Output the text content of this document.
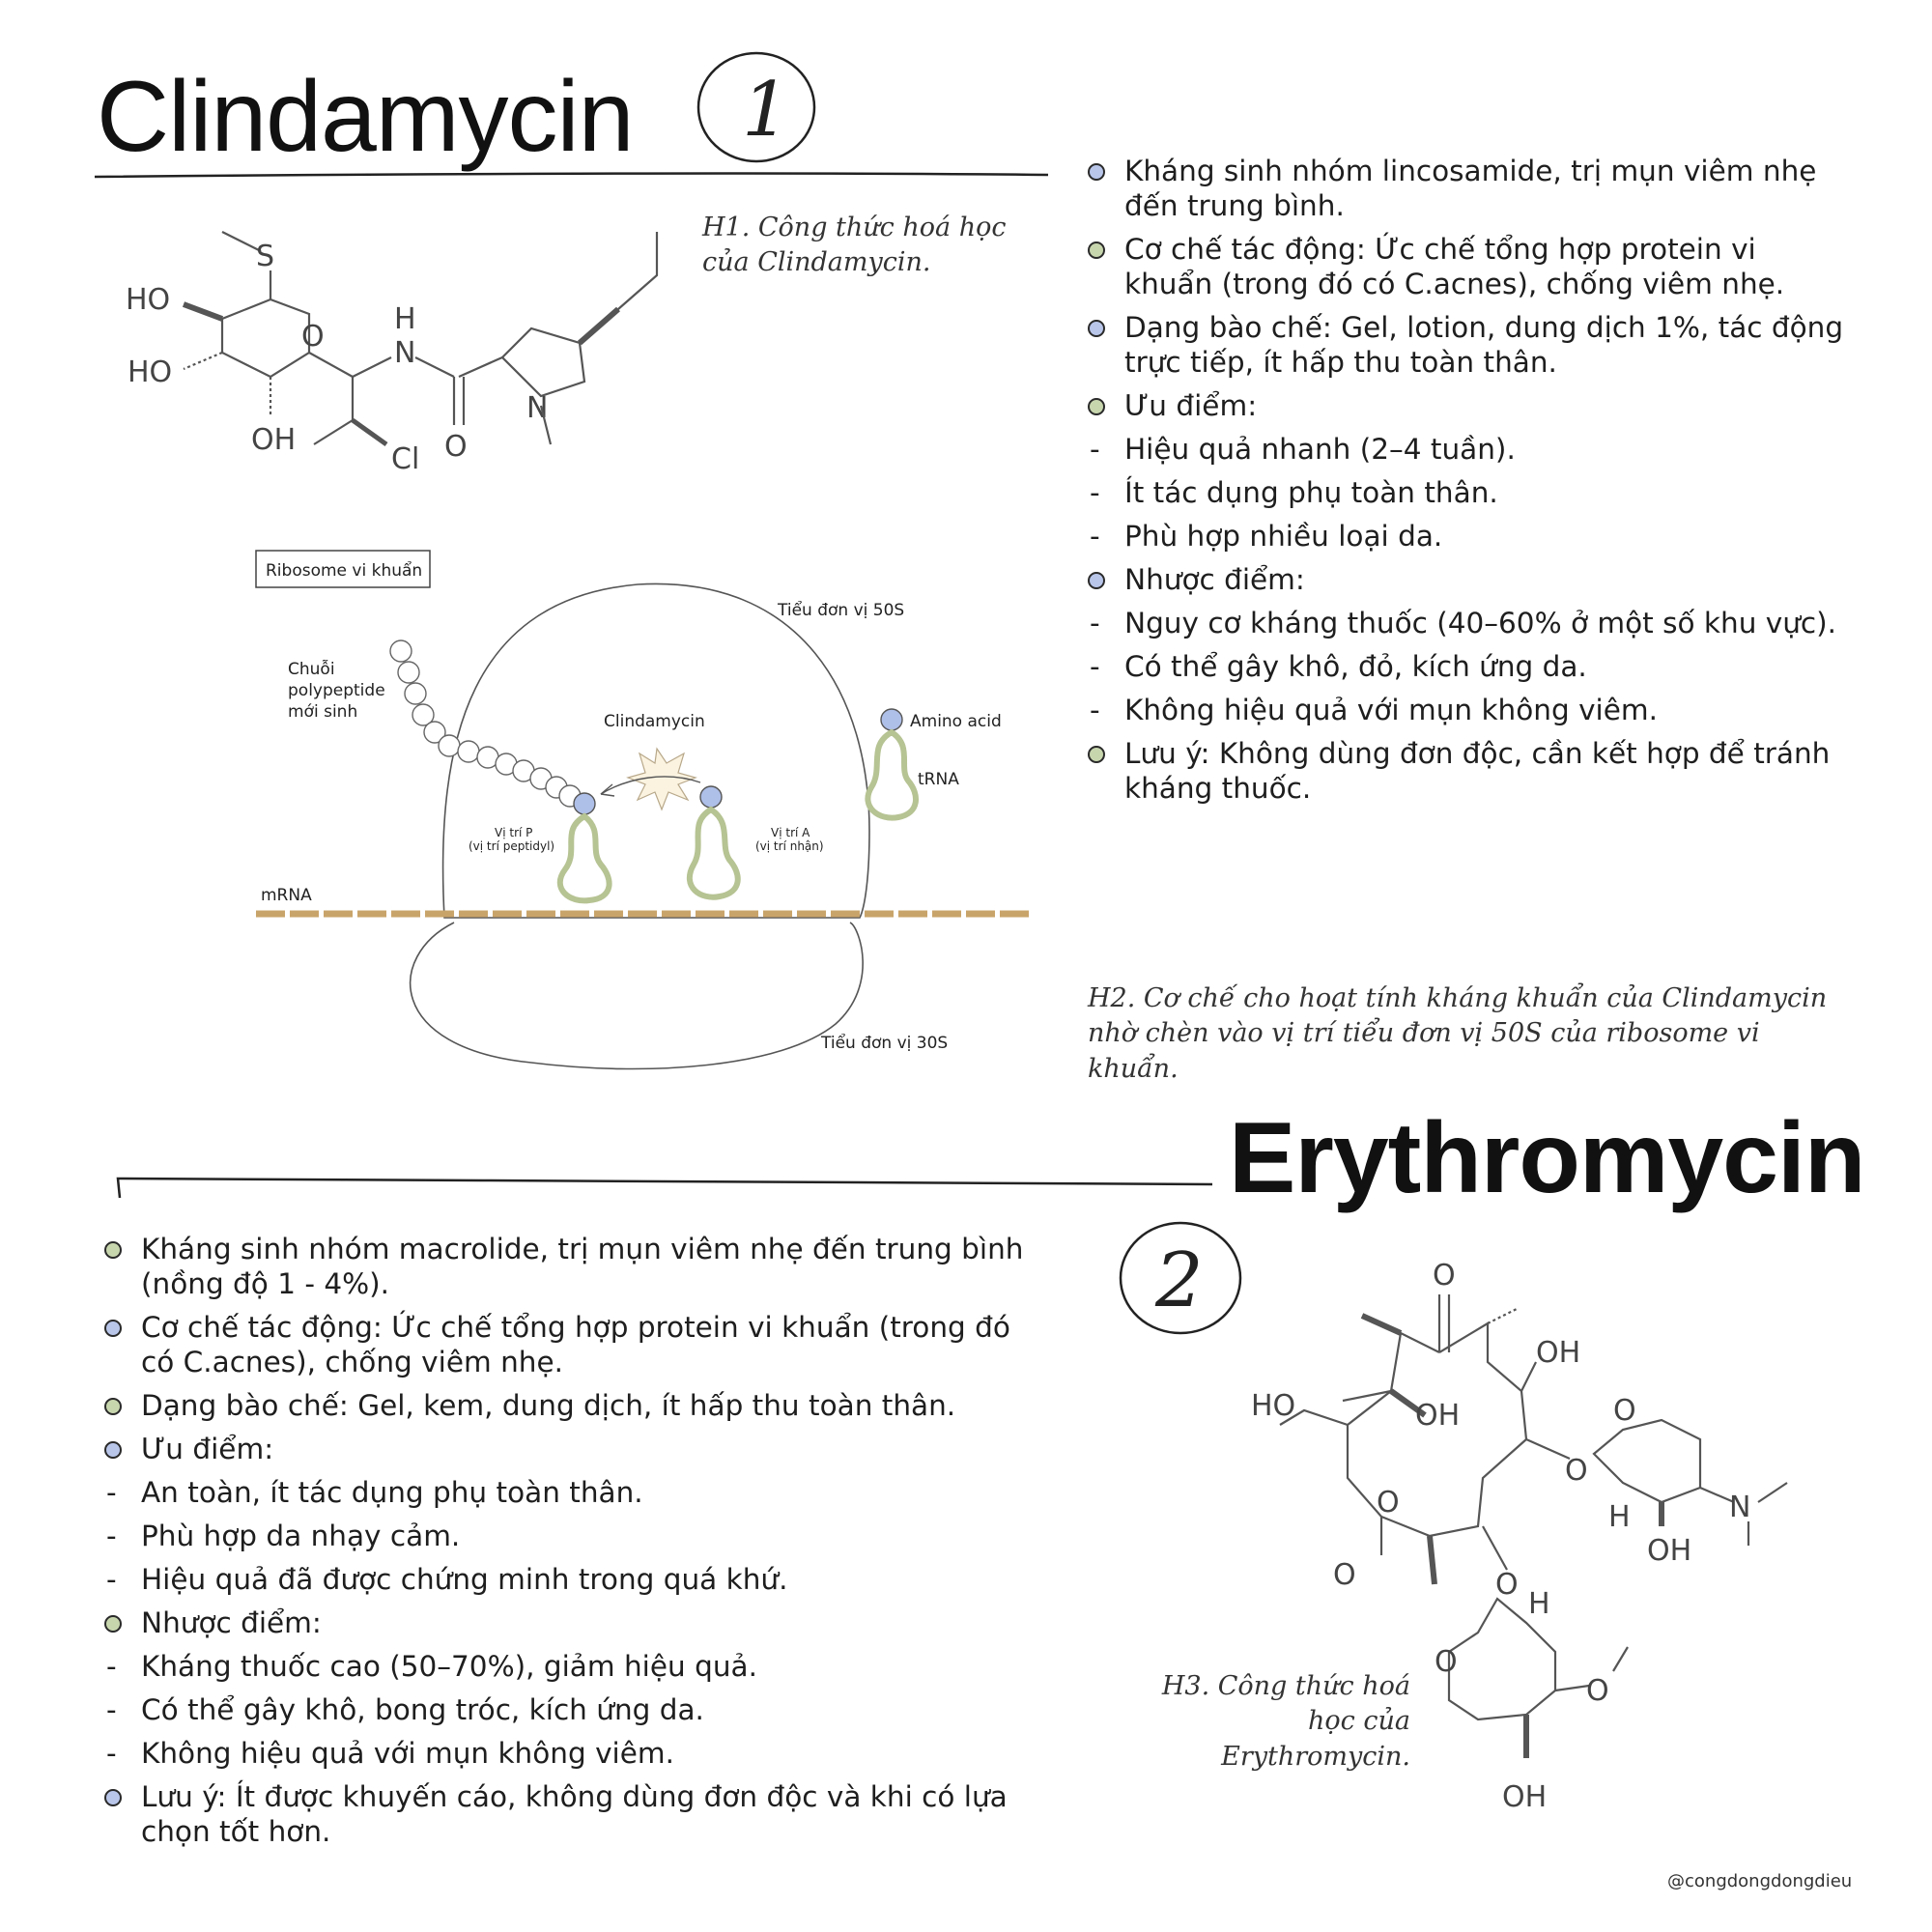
Clindamycin 1
2
S
O
HO
HO
OH
Cl
H
N
O
N
H1. Công thức hoá học của Clindamycin.
Ribosome vi khuẩn
Tiểu đơn vị 50S
Tiểu đơn vị 30S
mRNA
Chuỗi
polypeptide
mới sinh
Vị trí P
(vị trí peptidyl)
Vị trí A
(vị trí nhận)
Clindamycin	Amino acid
tRNA
H2. Cơ chế cho hoạt tính kháng khuẩn của Clindamycin nhờ chèn vào vị trí tiểu đơn vị 50S của ribosome vi khuẩn.
Kháng sinh nhóm lincosamide, trị mụn viêm nhẹ đến trung bình.
Cơ chế tác động: Ức chế tổng hợp protein vi khuẩn (trong đó có C.acnes), chống viêm nhẹ.
Dạng bào chế: Gel, lotion, dung dịch 1%, tác động trực tiếp, ít hấp thu toàn thân.
Ưu điểm:
- Hiệu quả nhanh (2–4 tuần).
- Ít tác dụng phụ toàn thân.
- Phù hợp nhiều loại da.
Nhược điểm:
- Nguy cơ kháng thuốc (40–60% ở một số khu vực).
- Có thể gây khô, đỏ, kích ứng da.
- Không hiệu quả với mụn không viêm.
Lưu ý: Không dùng đơn độc, cần kết hợp để tránh kháng thuốc.
Erythromycin
Kháng sinh nhóm macrolide, trị mụn viêm nhẹ đến trung bình (nồng độ 1 - 4%).
Cơ chế tác động: Ức chế tổng hợp protein vi khuẩn (trong đó có C.acnes), chống viêm nhẹ.
Dạng bào chế: Gel, kem, dung dịch, ít hấp thu toàn thân.
Ưu điểm:
- An toàn, ít tác dụng phụ toàn thân.
- Phù hợp da nhạy cảm.
- Hiệu quả đã được chứng minh trong quá khứ.
Nhược điểm:
- Kháng thuốc cao (50–70%), giảm hiệu quả.
- Có thể gây khô, bong tróc, kích ứng da.
- Không hiệu quả với mụn không viêm.
Lưu ý: Ít được khuyến cáo, không dùng đơn độc và khi có lựa chọn tốt hơn.
O
HO	OH
OH
O
O
O
O
H
OH
N
O
O
H
O
OH
H3. Công thức hoá học của Erythromycin.
@congdongdongdieu
